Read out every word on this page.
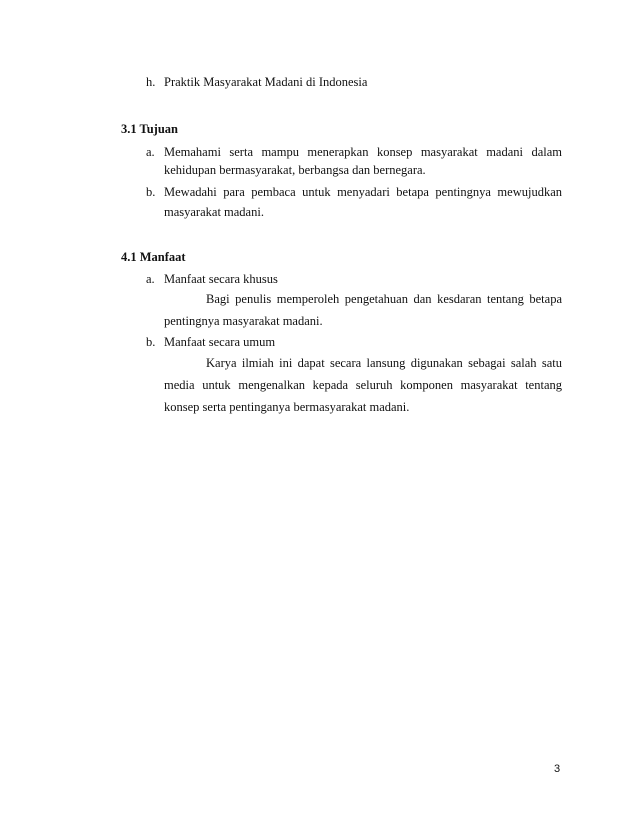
h. Praktik Masyarakat Madani di Indonesia
3.1 Tujuan
a. Memahami serta mampu menerapkan konsep masyarakat madani dalam
kehidupan bermasyarakat, berbangsa dan bernegara.
b. Mewadahi para pembaca untuk menyadari betapa pentingnya mewujudkan
masyarakat madani.
4.1 Manfaat
a. Manfaat secara khusus
Bagi penulis memperoleh pengetahuan dan kesdaran tentang betapa
pentingnya masyarakat madani.
b. Manfaat secara umum
Karya ilmiah ini dapat secara lansung digunakan sebagai salah satu
media untuk mengenalkan kepada seluruh komponen masyarakat tentang
konsep serta pentinganya bermasyarakat madani.
3
